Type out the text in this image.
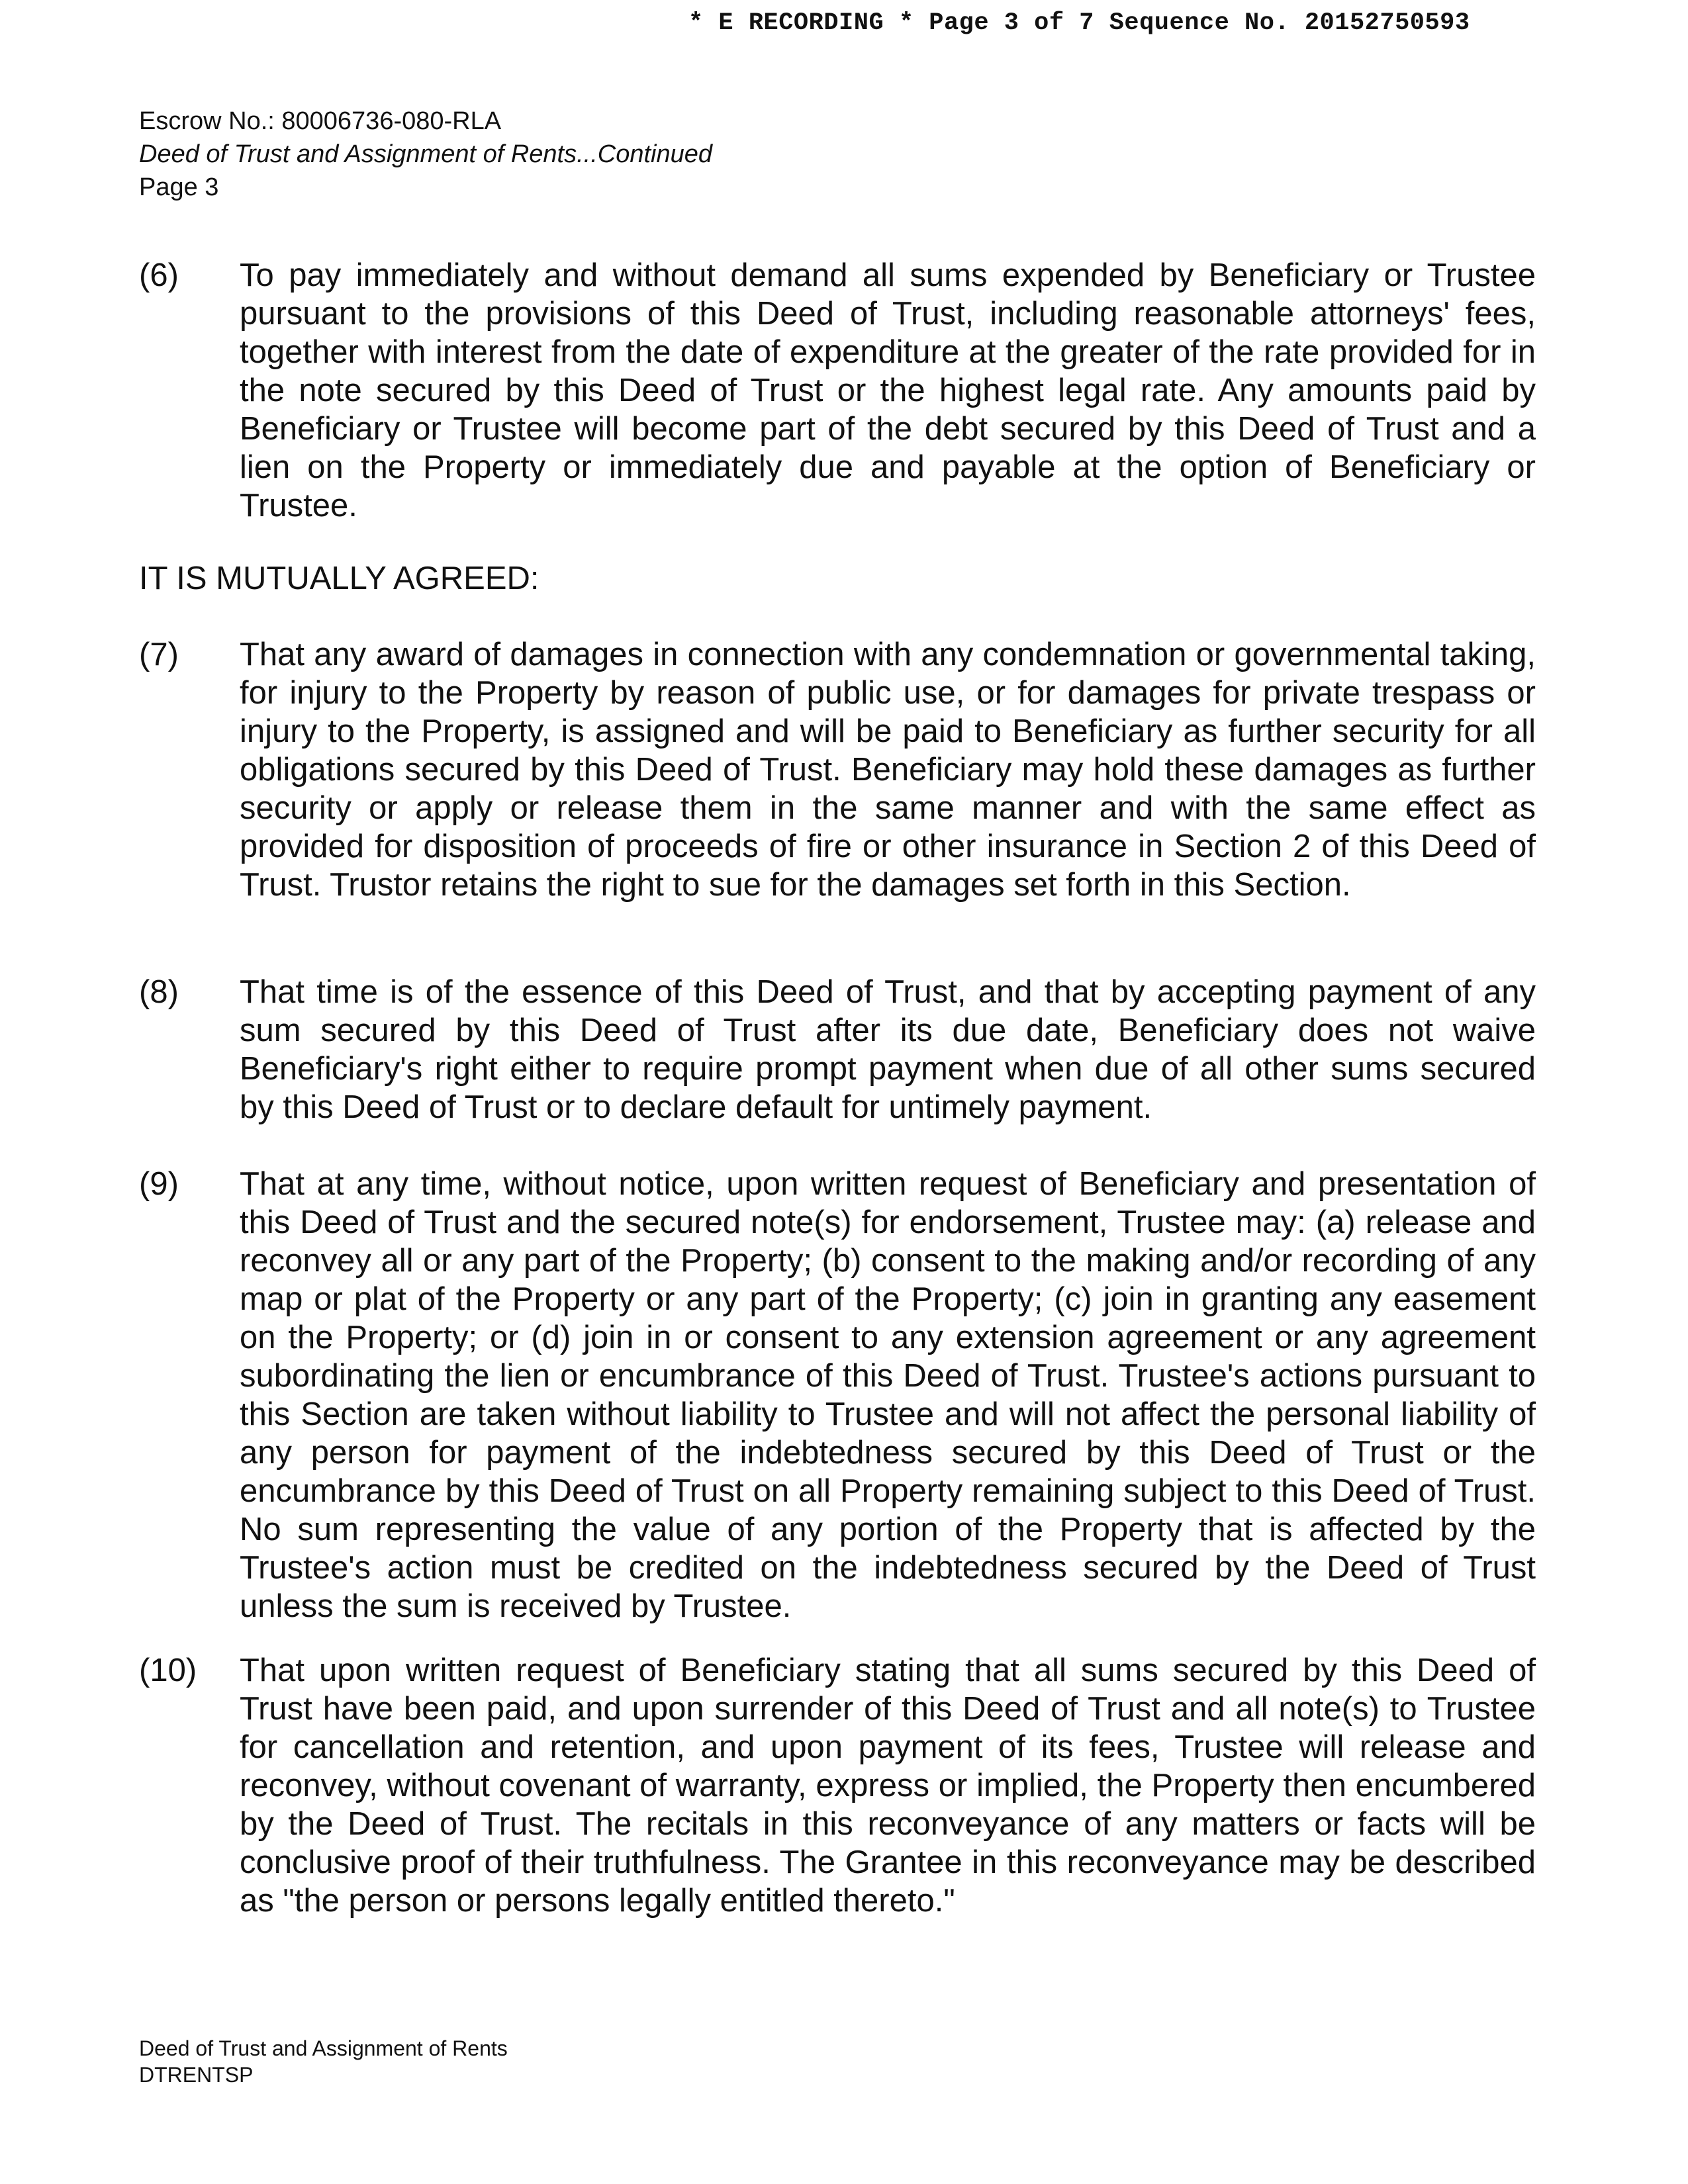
* E RECORDING * Page 3 of 7 Sequence No. 20152750593
Escrow No.: 80006736-080-RLA
Deed of Trust and Assignment of Rents...Continued
Page 3
(6) To pay immediately and without demand all sums expended by Beneficiary or Trustee pursuant to the provisions of this Deed of Trust, including reasonable attorneys' fees, together with interest from the date of expenditure at the greater of the rate provided for in the note secured by this Deed of Trust or the highest legal rate. Any amounts paid by Beneficiary or Trustee will become part of the debt secured by this Deed of Trust and a lien on the Property or immediately due and payable at the option of Beneficiary or Trustee.
IT IS MUTUALLY AGREED:
(7) That any award of damages in connection with any condemnation or governmental taking, for injury to the Property by reason of public use, or for damages for private trespass or injury to the Property, is assigned and will be paid to Beneficiary as further security for all obligations secured by this Deed of Trust. Beneficiary may hold these damages as further security or apply or release them in the same manner and with the same effect as provided for disposition of proceeds of fire or other insurance in Section 2 of this Deed of Trust. Trustor retains the right to sue for the damages set forth in this Section.
(8) That time is of the essence of this Deed of Trust, and that by accepting payment of any sum secured by this Deed of Trust after its due date, Beneficiary does not waive Beneficiary's right either to require prompt payment when due of all other sums secured by this Deed of Trust or to declare default for untimely payment.
(9) That at any time, without notice, upon written request of Beneficiary and presentation of this Deed of Trust and the secured note(s) for endorsement, Trustee may: (a) release and reconvey all or any part of the Property; (b) consent to the making and/or recording of any map or plat of the Property or any part of the Property; (c) join in granting any easement on the Property; or (d) join in or consent to any extension agreement or any agreement subordinating the lien or encumbrance of this Deed of Trust. Trustee's actions pursuant to this Section are taken without liability to Trustee and will not affect the personal liability of any person for payment of the indebtedness secured by this Deed of Trust or the encumbrance by this Deed of Trust on all Property remaining subject to this Deed of Trust. No sum representing the value of any portion of the Property that is affected by the Trustee's action must be credited on the indebtedness secured by the Deed of Trust unless the sum is received by Trustee.
(10) That upon written request of Beneficiary stating that all sums secured by this Deed of Trust have been paid, and upon surrender of this Deed of Trust and all note(s) to Trustee for cancellation and retention, and upon payment of its fees, Trustee will release and reconvey, without covenant of warranty, express or implied, the Property then encumbered by the Deed of Trust. The recitals in this reconveyance of any matters or facts will be conclusive proof of their truthfulness. The Grantee in this reconveyance may be described as "the person or persons legally entitled thereto."
Deed of Trust and Assignment of Rents
DTRENTSP
